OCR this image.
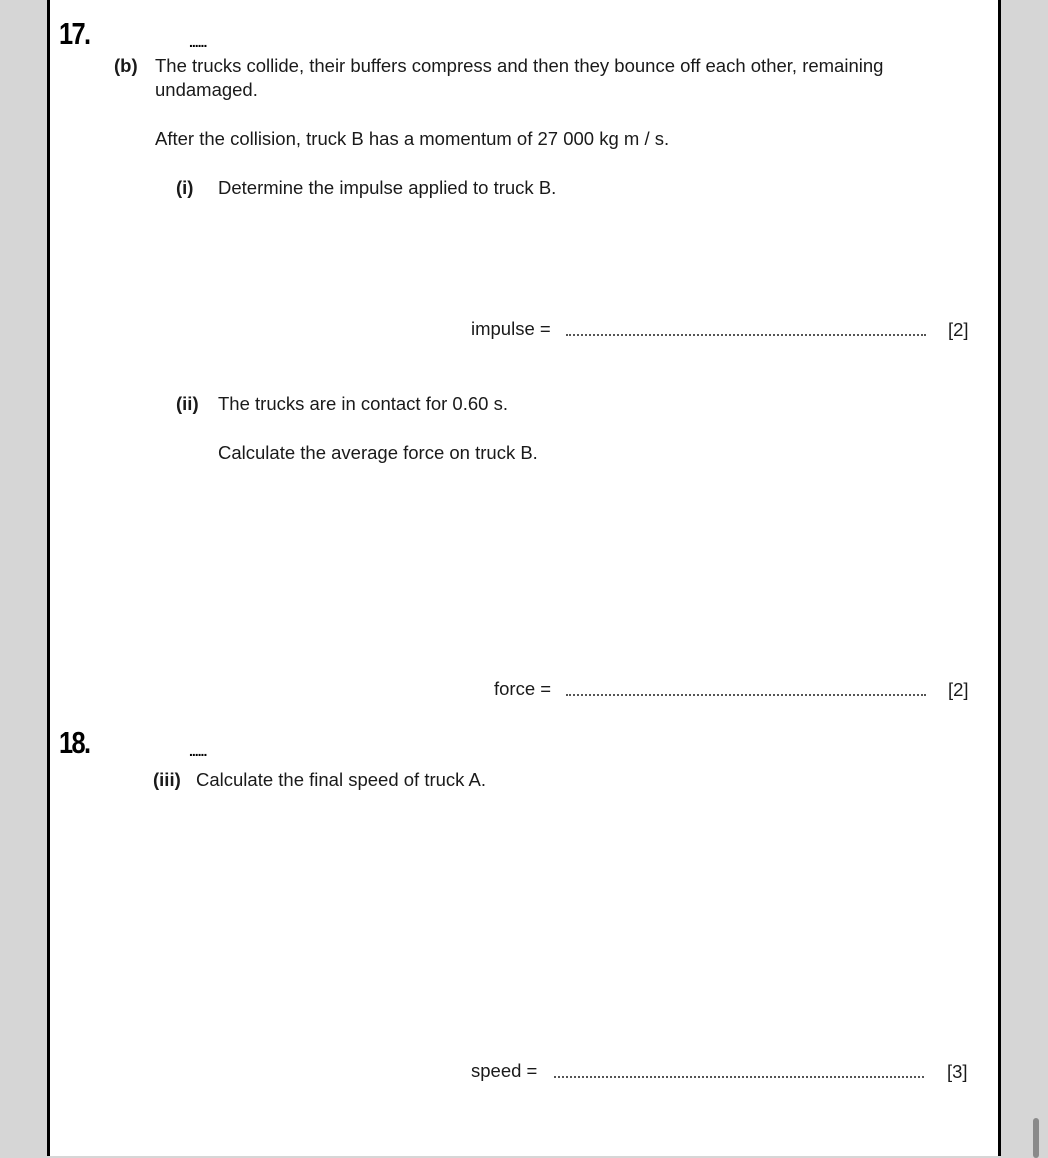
17.	......
(b) The trucks collide, their buffers compress and then they bounce off each other, remaining
undamaged.
After the collision, truck B has a momentum of 27 000 kg m / s.
(i) Determine the impulse applied to truck B.
impulse =	[2]
(ii) The trucks are in contact for 0.60 s.
Calculate the average force on truck B.
force =	[2]
18.	......
(iii) Calculate the final speed of truck A.
speed =	[3]
